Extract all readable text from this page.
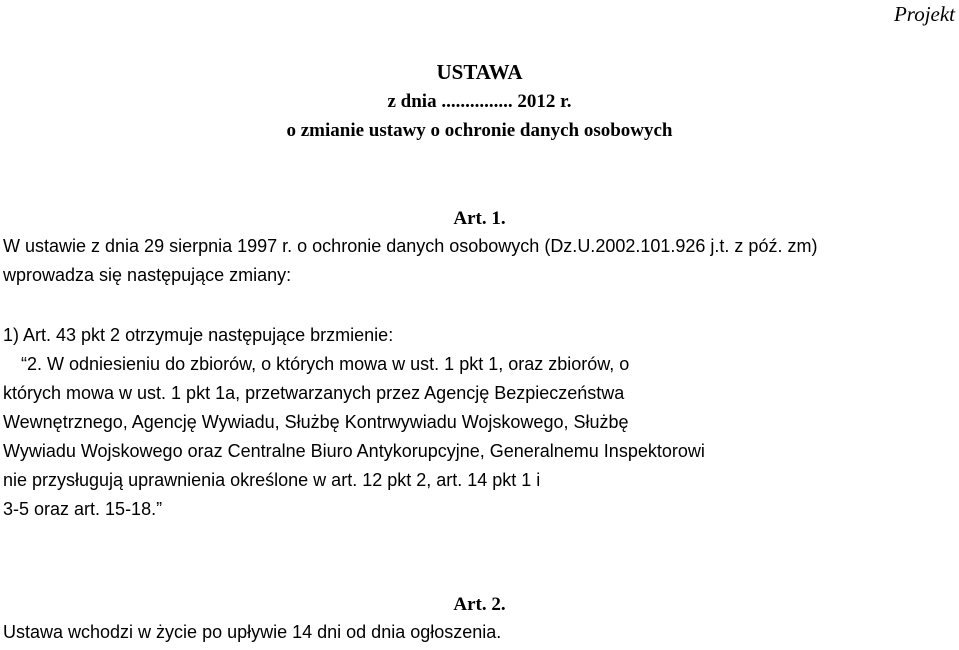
Projekt
USTAWA
z dnia ............... 2012 r.
o zmianie ustawy o ochronie danych osobowych
Art. 1.
W ustawie z dnia 29 sierpnia 1997 r. o ochronie danych osobowych (Dz.U.2002.101.926 j.t. z póź. zm)
wprowadza się następujące zmiany:
1) Art. 43 pkt 2 otrzymuje następujące brzmienie:
“2. W odniesieniu do zbiorów, o których mowa w ust. 1 pkt 1, oraz zbiorów, o
których mowa w ust. 1 pkt 1a, przetwarzanych przez Agencję Bezpieczeństwa
Wewnętrznego, Agencję Wywiadu, Służbę Kontrwywiadu Wojskowego, Służbę
Wywiadu Wojskowego oraz Centralne Biuro Antykorupcyjne, Generalnemu Inspektorowi
nie przysługują uprawnienia określone w art. 12 pkt 2, art. 14 pkt 1 i
3-5 oraz art. 15-18.”
Art. 2.
Ustawa wchodzi w życie po upływie 14 dni od dnia ogłoszenia.
